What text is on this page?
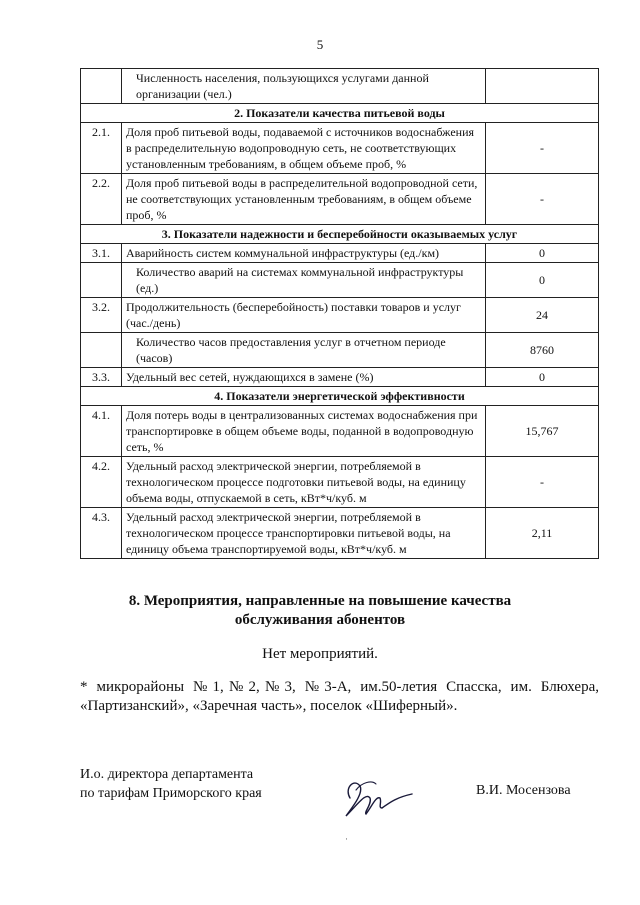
5
	Численность населения, пользующихся услугами данной организации (чел.)	
2. Показатели качества питьевой воды		
2.1.	Доля проб питьевой воды, подаваемой с источников водоснабжения в распределительную водопроводную сеть, не соответствующих установленным требованиям, в общем объеме проб, %	-
2.2.	Доля проб питьевой воды в распределительной водопроводной сети, не соответствующих установленным требованиям, в общем объеме проб, %	-
3. Показатели надежности и бесперебойности оказываемых услуг		
3.1.	Аварийность систем коммунальной инфраструктуры (ед./км)	0
	Количество аварий на системах коммунальной инфраструктуры (ед.)	0
3.2.	Продолжительность (бесперебойность) поставки товаров и услуг (час./день)	24
	Количество часов предоставления услуг в отчетном периоде (часов)	8760
3.3.	Удельный вес сетей, нуждающихся в замене (%)	0
4. Показатели энергетической эффективности		
4.1.	Доля потерь воды в централизованных системах водоснабжения при транспортировке в общем объеме воды, поданной в водопроводную сеть, %	15,767
4.2.	Удельный расход электрической энергии, потребляемой в технологическом процессе подготовки питьевой воды, на единицу объема воды, отпускаемой в сеть, кВт*ч/куб. м	-
4.3.	Удельный расход электрической энергии, потребляемой в технологическом процессе транспортировки питьевой воды, на единицу объема транспортируемой воды, кВт*ч/куб. м	2,11
8. Мероприятия, направленные на повышение качества
обслуживания абонентов
Нет мероприятий.
* микрорайоны №1,№2,№3, №3-А, им.50-летия Спасска, им. Блюхера,
«Партизанский», «Заречная часть», поселок «Шиферный».
И.о. директора департамента
по тарифам Приморского края	В.И. Мосензова
·
